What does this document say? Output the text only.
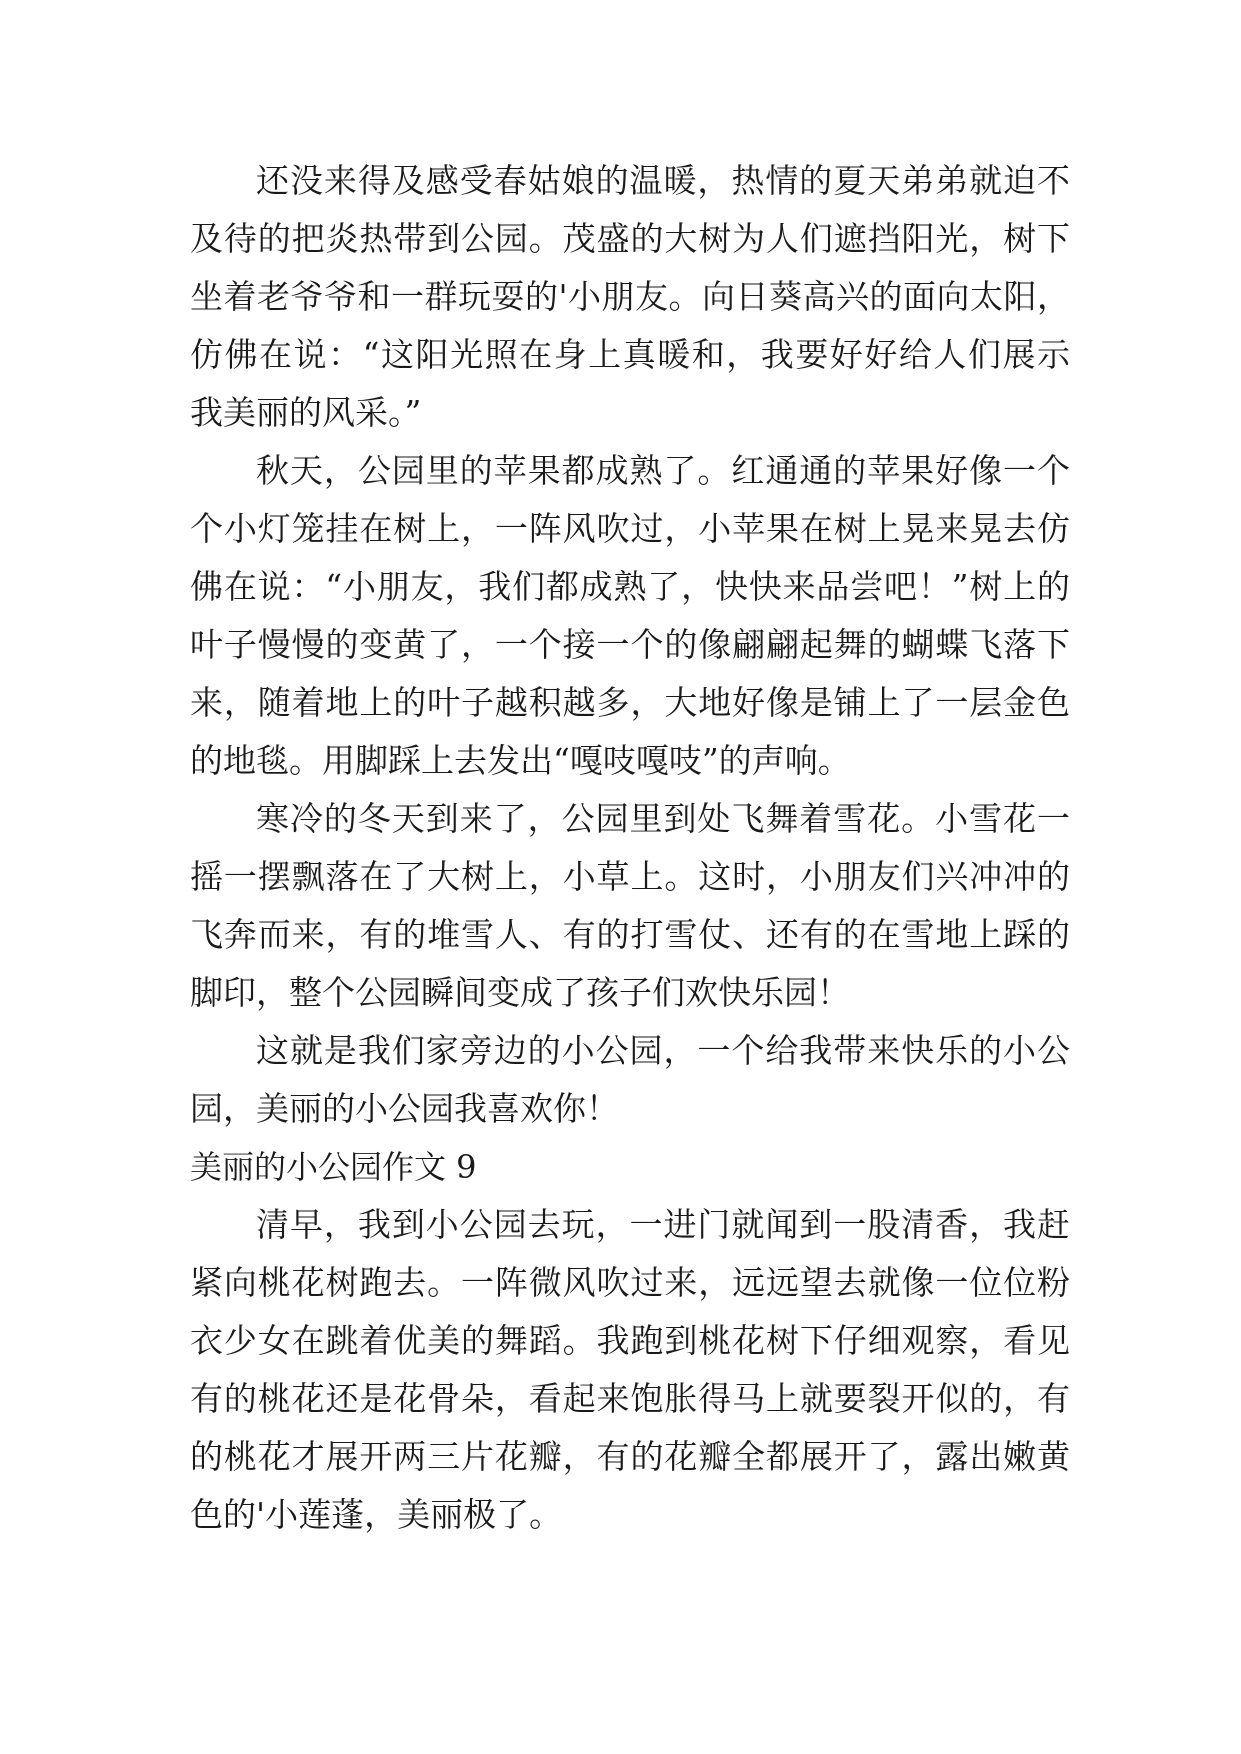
还没来得及感受春姑娘的温暖，热情的夏天弟弟就迫不
及待的把炎热带到公园。茂盛的大树为人们遮挡阳光，树下
坐着老爷爷和一群玩耍的'小朋友。向日葵高兴的面向太阳，
仿佛在说：“这阳光照在身上真暖和，我要好好给人们展示
我美丽的风采。”
秋天，公园里的苹果都成熟了。红通通的苹果好像一个
个小灯笼挂在树上，一阵风吹过，小苹果在树上晃来晃去仿
佛在说：“小朋友，我们都成熟了，快快来品尝吧！”树上的
叶子慢慢的变黄了，一个接一个的像翩翩起舞的蝴蝶飞落下
来，随着地上的叶子越积越多，大地好像是铺上了一层金色
的地毯。用脚踩上去发出“嘎吱嘎吱”的声响。
寒冷的冬天到来了，公园里到处飞舞着雪花。小雪花一
摇一摆飘落在了大树上，小草上。这时，小朋友们兴冲冲的
飞奔而来，有的堆雪人、有的打雪仗、还有的在雪地上踩的
脚印，整个公园瞬间变成了孩子们欢快乐园！
这就是我们家旁边的小公园，一个给我带来快乐的小公
园，美丽的小公园我喜欢你！
美丽的小公园作文 9
清早，我到小公园去玩，一进门就闻到一股清香，我赶
紧向桃花树跑去。一阵微风吹过来，远远望去就像一位位粉
衣少女在跳着优美的舞蹈。我跑到桃花树下仔细观察，看见
有的桃花还是花骨朵，看起来饱胀得马上就要裂开似的，有
的桃花才展开两三片花瓣，有的花瓣全都展开了，露出嫩黄
色的'小莲蓬，美丽极了。
